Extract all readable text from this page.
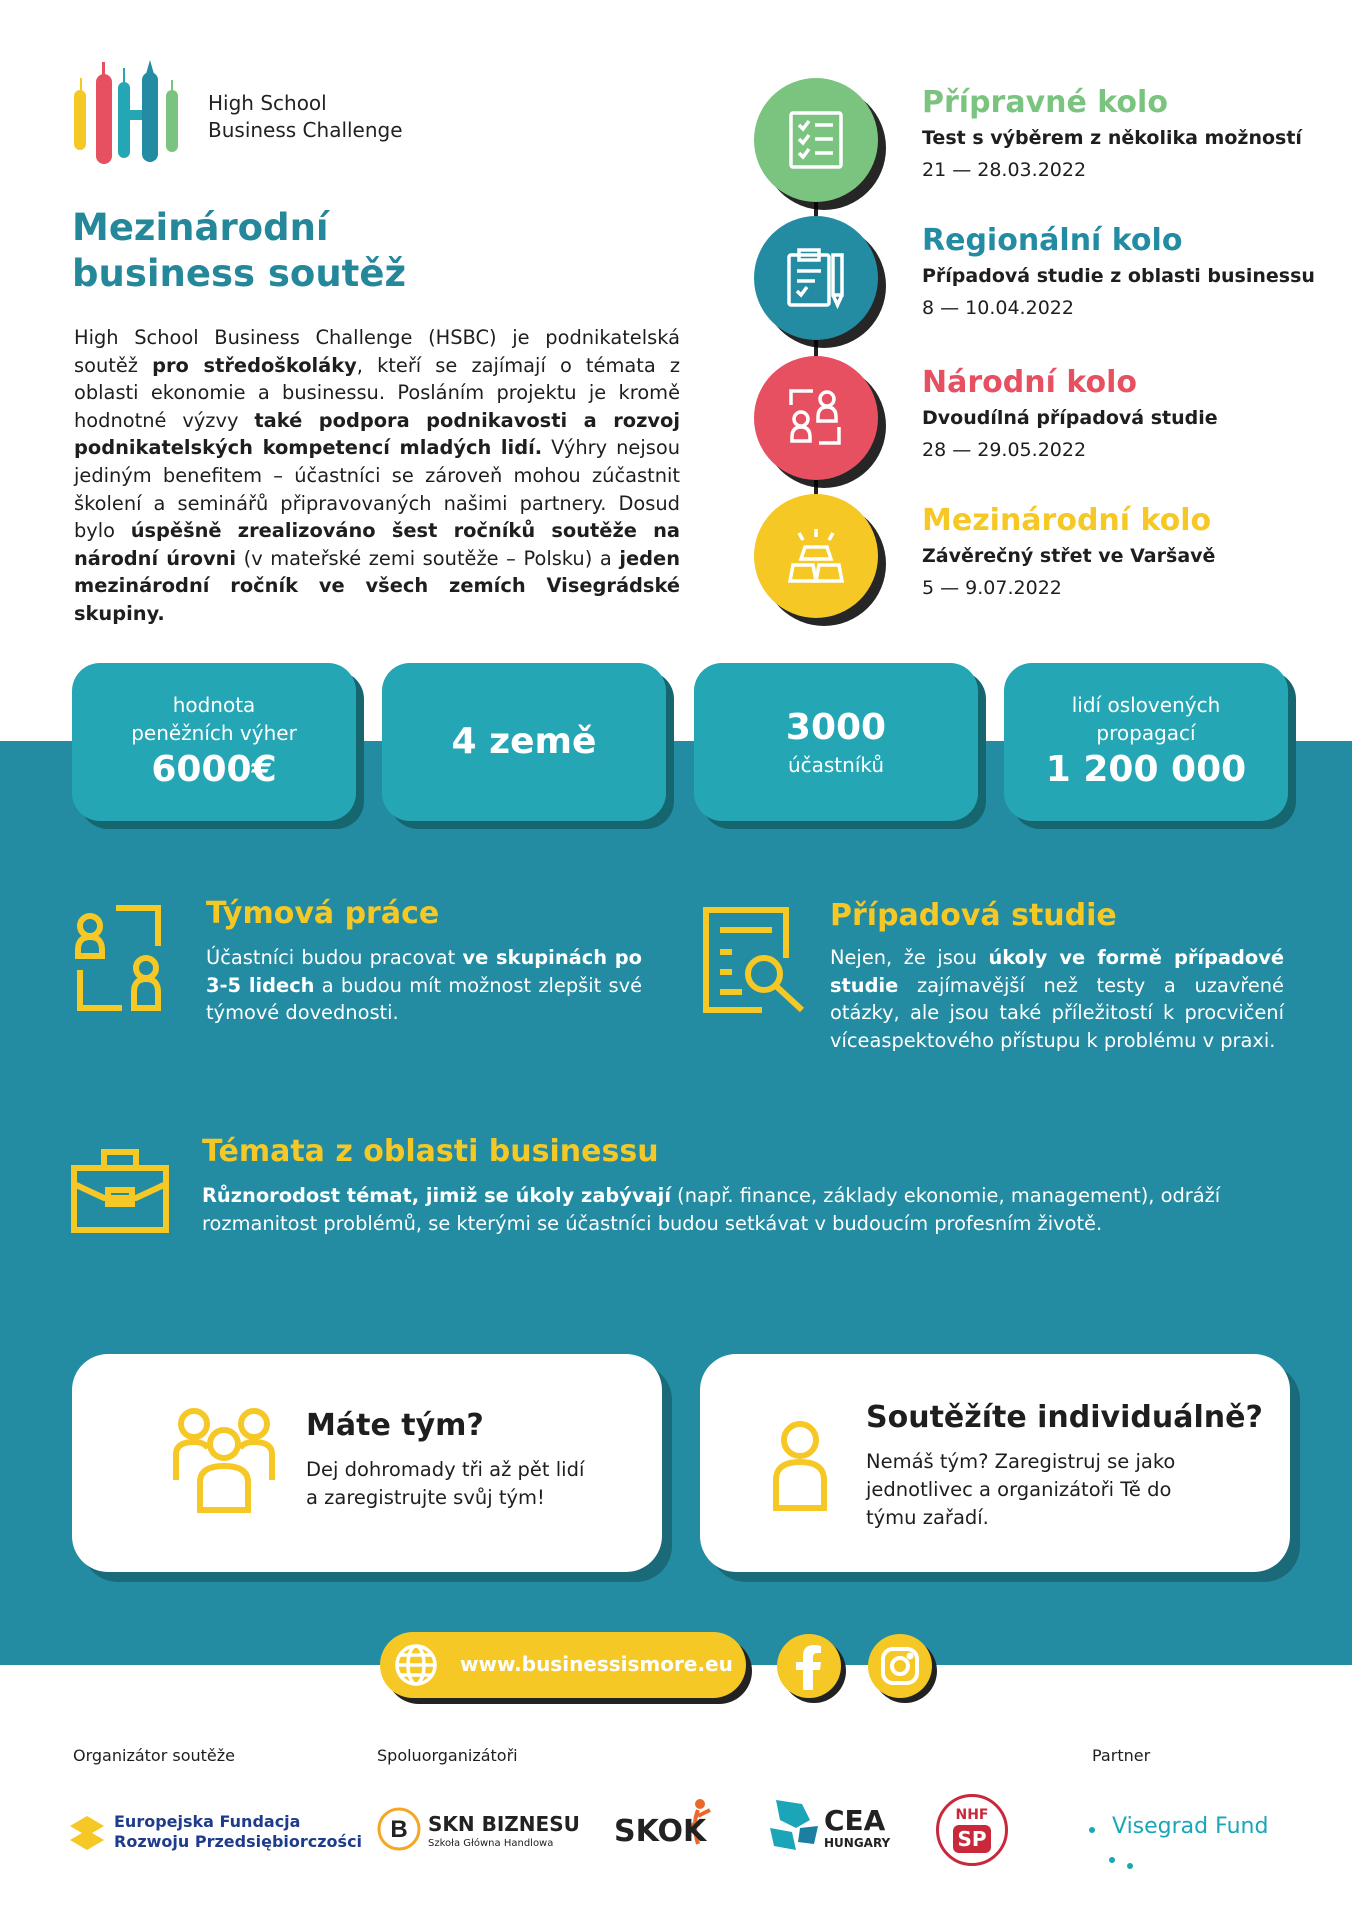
High School
Business Challenge
Mezinárodní
business soutěž
High School Business Challenge (HSBC) je podnikatelská soutěž pro středoškoláky, kteří se zajímají o témata z oblasti ekonomie a businessu. Posláním projektu je kromě hodnotné výzvy také podpora podnikavosti a rozvoj podnikatelských kompetencí mladých lidí. Výhry nejsou jediným benefitem – účastníci se zároveň mohou zúčastnit školení a seminářů připravovaných našimi partnery. Dosud bylo úspěšně zrealizováno šest ročníků soutěže na národní úrovni (v mateřské zemi soutěže – Polsku) a jeden mezinárodní ročník ve všech zemích Visegrádské skupiny.
Přípravné kolo
Test s výběrem z několika možností
21 — 28.03.2022
Regionální kolo
Případová studie z oblasti businessu
8 — 10.04.2022
Národní kolo
Dvoudílná případová studie
28 — 29.05.2022
Mezinárodní kolo
Závěrečný střet ve Varšavě
5 — 9.07.2022
hodnota
peněžních výher
6000€
4 země	3000
účastníků
lidí oslovených
propagací
1 200 000
Týmová práce
Účastníci budou pracovat ve skupinách po 3-5 lidech a budou mít možnost zlepšit své týmové dovednosti.
Případová studie
Nejen, že jsou úkoly ve formě případové studie zajímavější než testy a uzavřené otázky, ale jsou také příležitostí k procvičení víceaspektového přístupu k problému v praxi.
Témata z oblasti businessu
Různorodost témat, jimiž se úkoly zabývají (např. finance, základy ekonomie, management), odráží rozmanitost problémů, se kterými se účastníci budou setkávat v budoucím profesním životě.
Máte tým?
Dej dohromady tři až pět lidí
a zaregistrujte svůj tým!
Soutěžíte individuálně?
Nemáš tým? Zaregistruj se jako
jednotlivec a organizátoři Tě do
týmu zařadí.
www.businessismore.eu
Organizátor soutěže	Spoluorganizátoři	Partner
Europejska Fundacja
Rozwoju Przedsiębiorczości B SKN BIZNESU
Szkoła Główna Handlowa SKOK	CEA
HUNGARY
NHF
SP	Visegrad Fund
